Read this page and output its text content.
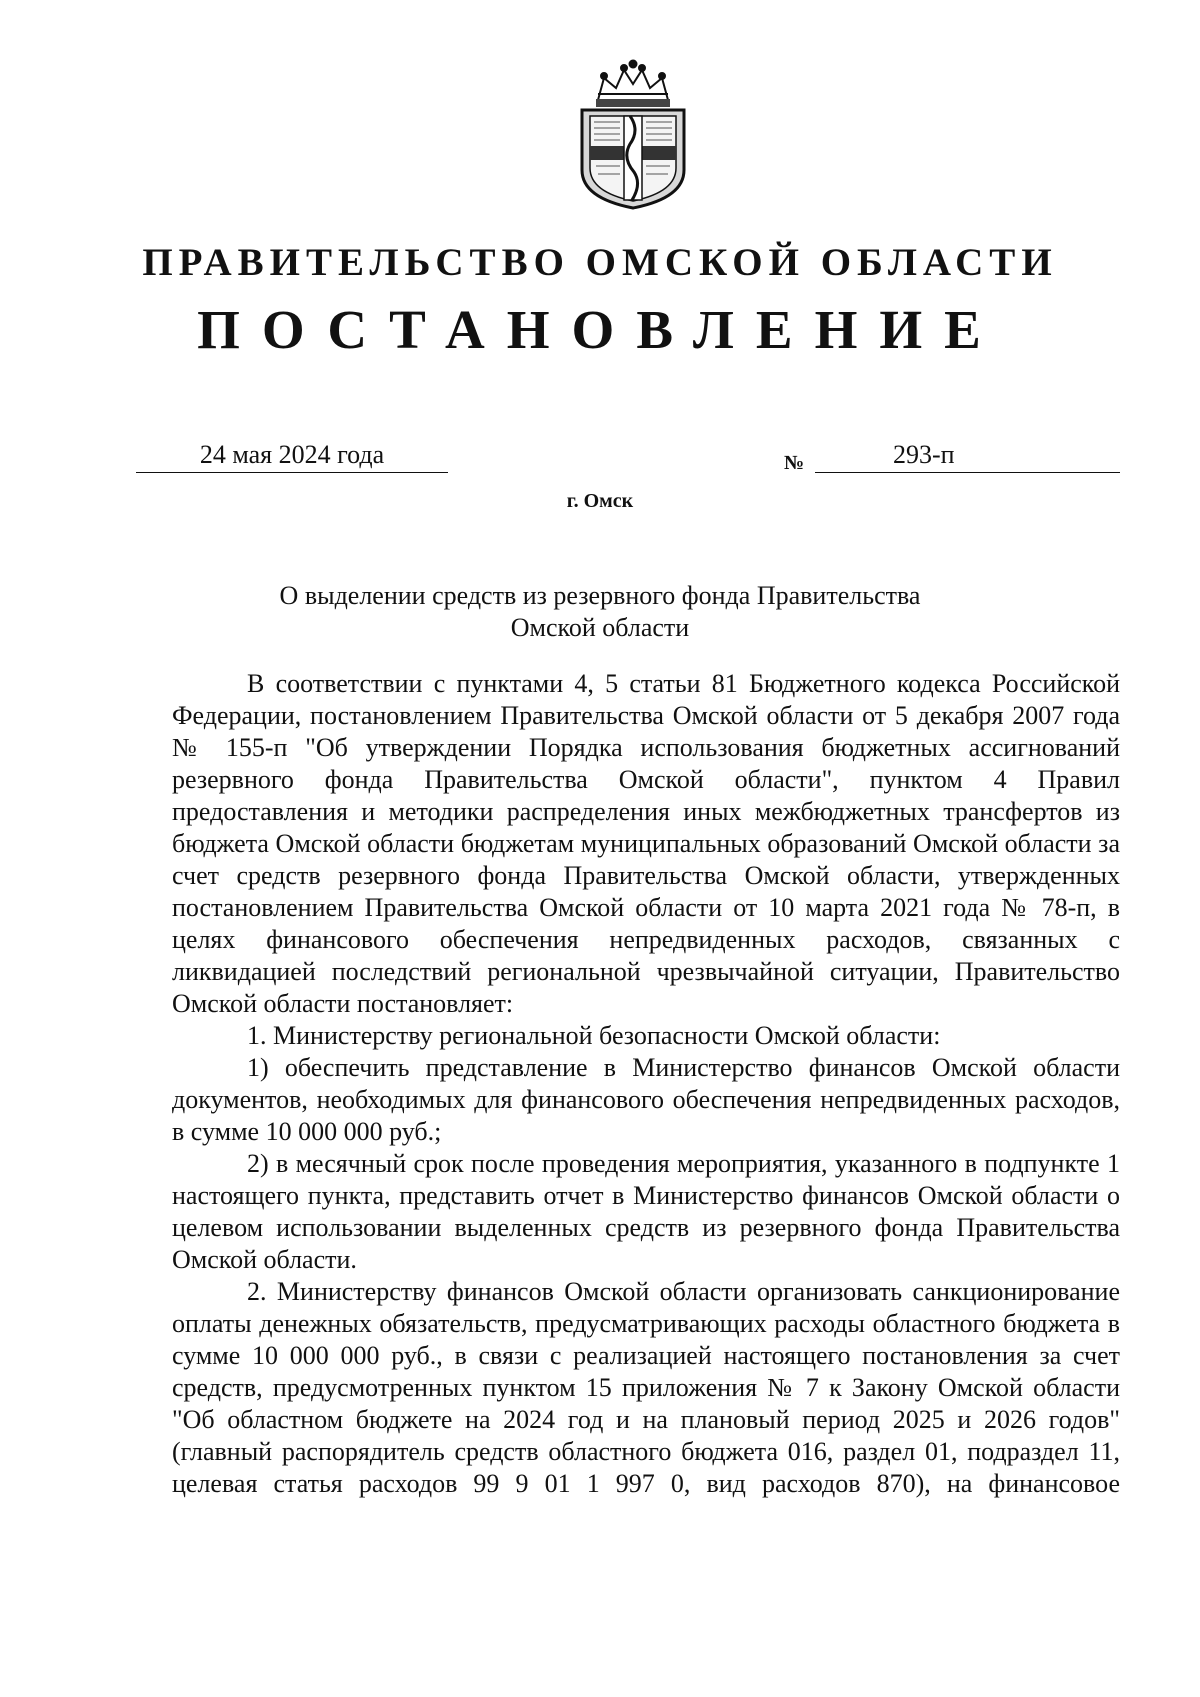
ПРАВИТЕЛЬСТВО ОМСКОЙ ОБЛАСТИ
ПОСТАНОВЛЕНИЕ
24 мая 2024 года	№	293-п
г. Омск
О выделении средств из резервного фонда Правительства
Омской области

В соответствии с пунктами 4, 5 статьи 81 Бюджетного кодекса Российской Федерации, постановлением Правительства Омской области от 5 декабря 2007 года № 155-п "Об утверждении Порядка использования бюджетных ассигнований резервного фонда Правительства Омской области", пунктом 4 Правил предоставления и методики распределения иных межбюджетных трансфертов из бюджета Омской области бюджетам муниципальных образований Омской области за счет средств резервного фонда Правительства Омской области, утвержденных постановлением Правительства Омской области от 10 марта 2021 года № 78-п, в целях финансового обеспечения непредвиденных расходов, связанных с ликвидацией последствий региональной чрезвычайной ситуации, Правительство Омской области постановляет:

1. Министерству региональной безопасности Омской области:

1) обеспечить представление в Министерство финансов Омской области документов, необходимых для финансового обеспечения непредвиденных расходов, в сумме 10 000 000 руб.;

2) в месячный срок после проведения мероприятия, указанного в подпункте 1 настоящего пункта, представить отчет в Министерство финансов Омской области о целевом использовании выделенных средств из резервного фонда Правительства Омской области.

2. Министерству финансов Омской области организовать санкционирование оплаты денежных обязательств, предусматривающих расходы областного бюджета в сумме 10 000 000 руб., в связи с реализацией настоящего постановления за счет средств, предусмотренных пунктом 15 приложения № 7 к Закону Омской области "Об областном бюджете на 2024 год и на плановый период 2025 и 2026 годов" (главный распорядитель средств областного бюджета 016, раздел 01, подраздел 11, целевая статья расходов 99 9 01 1 997 0, вид расходов 870), на финансовое
